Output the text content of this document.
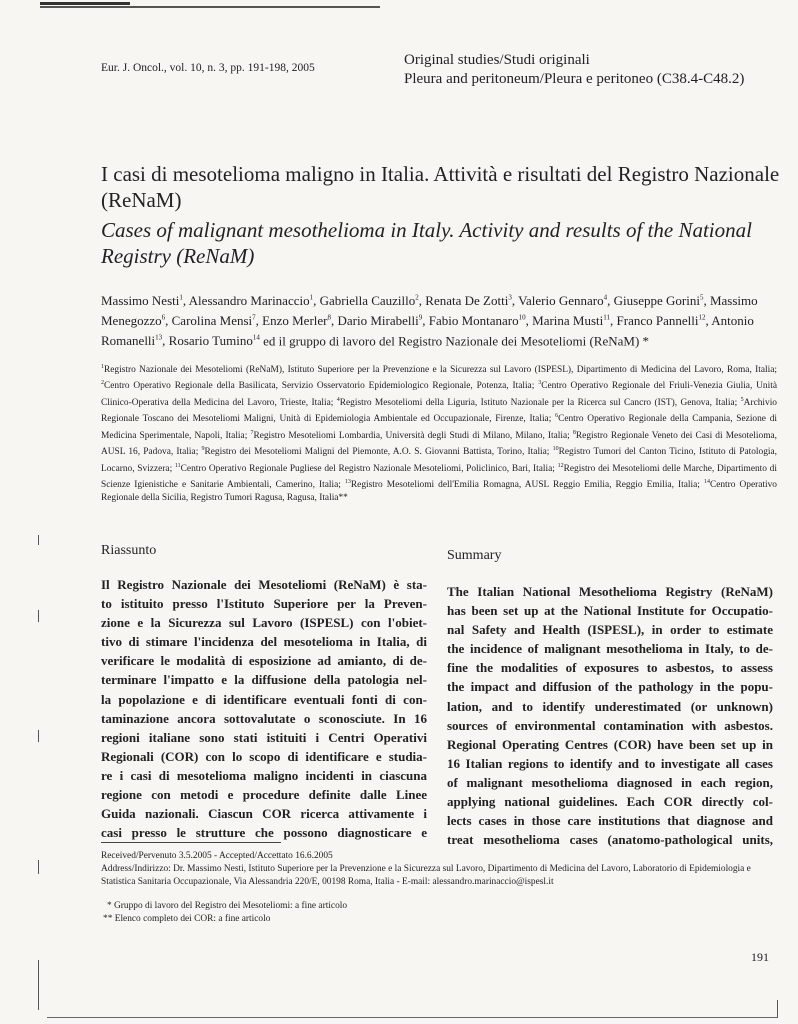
Eur. J. Oncol., vol. 10, n. 3, pp. 191-198, 2005	Original studies/Studi originali
Pleura and peritoneum/Pleura e peritoneo (C38.4-C48.2)
I casi di mesotelioma maligno in Italia. Attività e risultati del Registro Nazionale (ReNaM)
Cases of malignant mesothelioma in Italy. Activity and results of the National Registry (ReNaM)
Massimo Nesti$^1$, Alessandro Marinaccio$^1$, Gabriella Cauzillo$^2$, Renata De Zotti$^3$, Valerio Gennaro$^4$, Giuseppe Gorini$^5$, Massimo Menegozzo$^6$, Carolina Mensi$^7$, Enzo Merler$^8$, Dario Mirabelli$^9$, Fabio Montanaro$^{10}$, Marina Musti$^{11}$, Franco Pannelli$^{12}$, Antonio Romanelli$^{13}$, Rosario Tumino$^{14}$ ed il gruppo di lavoro del Registro Nazionale dei Mesoteliomi (ReNaM) *
$^1$Registro Nazionale dei Mesoteliomi (ReNaM), Istituto Superiore per la Prevenzione e la Sicurezza sul Lavoro (ISPESL), Dipartimento di Medicina del Lavoro, Roma, Italia; $^2$Centro Operativo Regionale della Basilicata, Servizio Osservatorio Epidemiologico Regionale, Potenza, Italia; $^3$Centro Operativo Regionale del Friuli-Venezia Giulia, Unità Clinico-Operativa della Medicina del Lavoro, Trieste, Italia; $^4$Registro Mesoteliomi della Liguria, Istituto Nazionale per la Ricerca sul Cancro (IST), Genova, Italia; $^5$Archivio Regionale Toscano dei Mesoteliomi Maligni, Unità di Epidemiologia Ambientale ed Occupazionale, Firenze, Italia; $^6$Centro Operativo Regionale della Campania, Sezione di Medicina Sperimentale, Napoli, Italia; $^7$Registro Mesoteliomi Lombardia, Università degli Studi di Milano, Milano, Italia; $^8$Registro Regionale Veneto dei Casi di Mesotelioma, AUSL 16, Padova, Italia; $^9$Registro dei Mesoteliomi Maligni del Piemonte, A.O. S. Giovanni Battista, Torino, Italia; $^{10}$Registro Tumori del Canton Ticino, Istituto di Patologia, Locarno, Svizzera; $^{11}$Centro Operativo Regionale Pugliese del Registro Nazionale Mesoteliomi, Policlinico, Bari, Italia; $^{12}$Registro dei Mesoteliomi delle Marche, Dipartimento di Scienze Igienistiche e Sanitarie Ambientali, Camerino, Italia; $^{13}$Registro Mesoteliomi dell'Emilia Romagna, AUSL Reggio Emilia, Reggio Emilia, Italia; $^{14}$Centro Operativo Regionale della Sicilia, Registro Tumori Ragusa, Ragusa, Italia**
Riassunto
Il Registro Nazionale dei Mesoteliomi (ReNaM) è sta-
to istituito presso l'Istituto Superiore per la Preven-
zione e la Sicurezza sul Lavoro (ISPESL) con l'obiet-
tivo di stimare l'incidenza del mesotelioma in Italia, di
verificare le modalità di esposizione ad amianto, di de-
terminare l'impatto e la diffusione della patologia nel-
la popolazione e di identificare eventuali fonti di con-
taminazione ancora sottovalutate o sconosciute. In 16
regioni italiane sono stati istituiti i Centri Operativi
Regionali (COR) con lo scopo di identificare e studia-
re i casi di mesotelioma maligno incidenti in ciascuna
regione con metodi e procedure definite dalle Linee
Guida nazionali. Ciascun COR ricerca attivamente i
casi presso le strutture che possono diagnosticare e
Summary
The Italian National Mesothelioma Registry (ReNaM)
has been set up at the National Institute for Occupatio-
nal Safety and Health (ISPESL), in order to estimate
the incidence of malignant mesothelioma in Italy, to de-
fine the modalities of exposures to asbestos, to assess
the impact and diffusion of the pathology in the popu-
lation, and to identify underestimated (or unknown)
sources of environmental contamination with asbestos.
Regional Operating Centres (COR) have been set up in
16 Italian regions to identify and to investigate all cases
of malignant mesothelioma diagnosed in each region,
applying national guidelines. Each COR directly col-
lects cases in those care institutions that diagnose and
treat mesothelioma cases (anatomo-pathological units,
Received/Pervenuto 3.5.2005 - Accepted/Accettato 16.6.2005
Address/Indirizzo: Dr. Massimo Nesti, Istituto Superiore per la Prevenzione e la Sicurezza sul Lavoro, Dipartimento di Medicina del Lavoro, Laboratorio di Epidemiologia e Statistica Sanitaria Occupazionale, Via Alessandria 220/E, 00198 Roma, Italia - E-mail: alessandro.marinaccio@ispesl.it
* Gruppo di lavoro del Registro dei Mesoteliomi: a fine articolo
** Elenco completo dei COR: a fine articolo
191
